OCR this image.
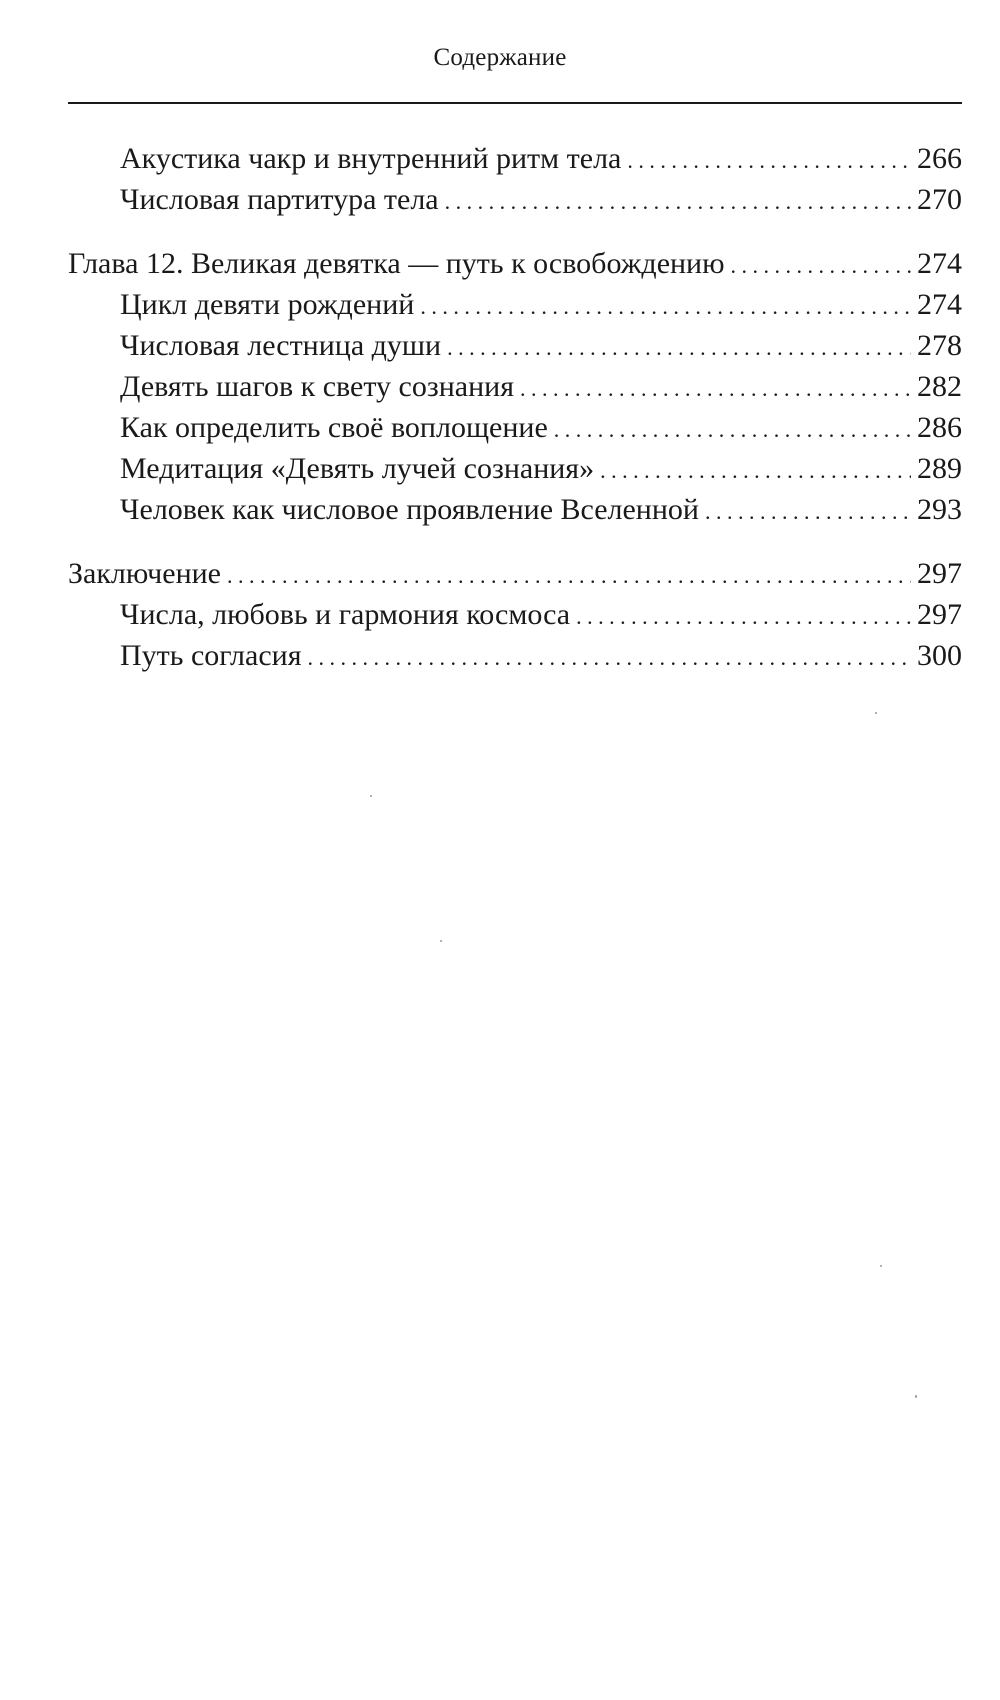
Содержание
Акустика чакр и внутренний ритм тела . . .	266
Числовая партитура тела . . .	270
Глава 12. Великая девятка — путь к освобождению . . .	274
Цикл девяти рождений . . .	274
Числовая лестница души . . .	278
Девять шагов к свету сознания . . .	282
Как определить своё воплощение . . .	286
Медитация «Девять лучей сознания» . . .	289
Человек как числовое проявление Вселенной . . .	293
Заключение . . .	297
Числа, любовь и гармония космоса . . .	297
Путь согласия . . .	300
